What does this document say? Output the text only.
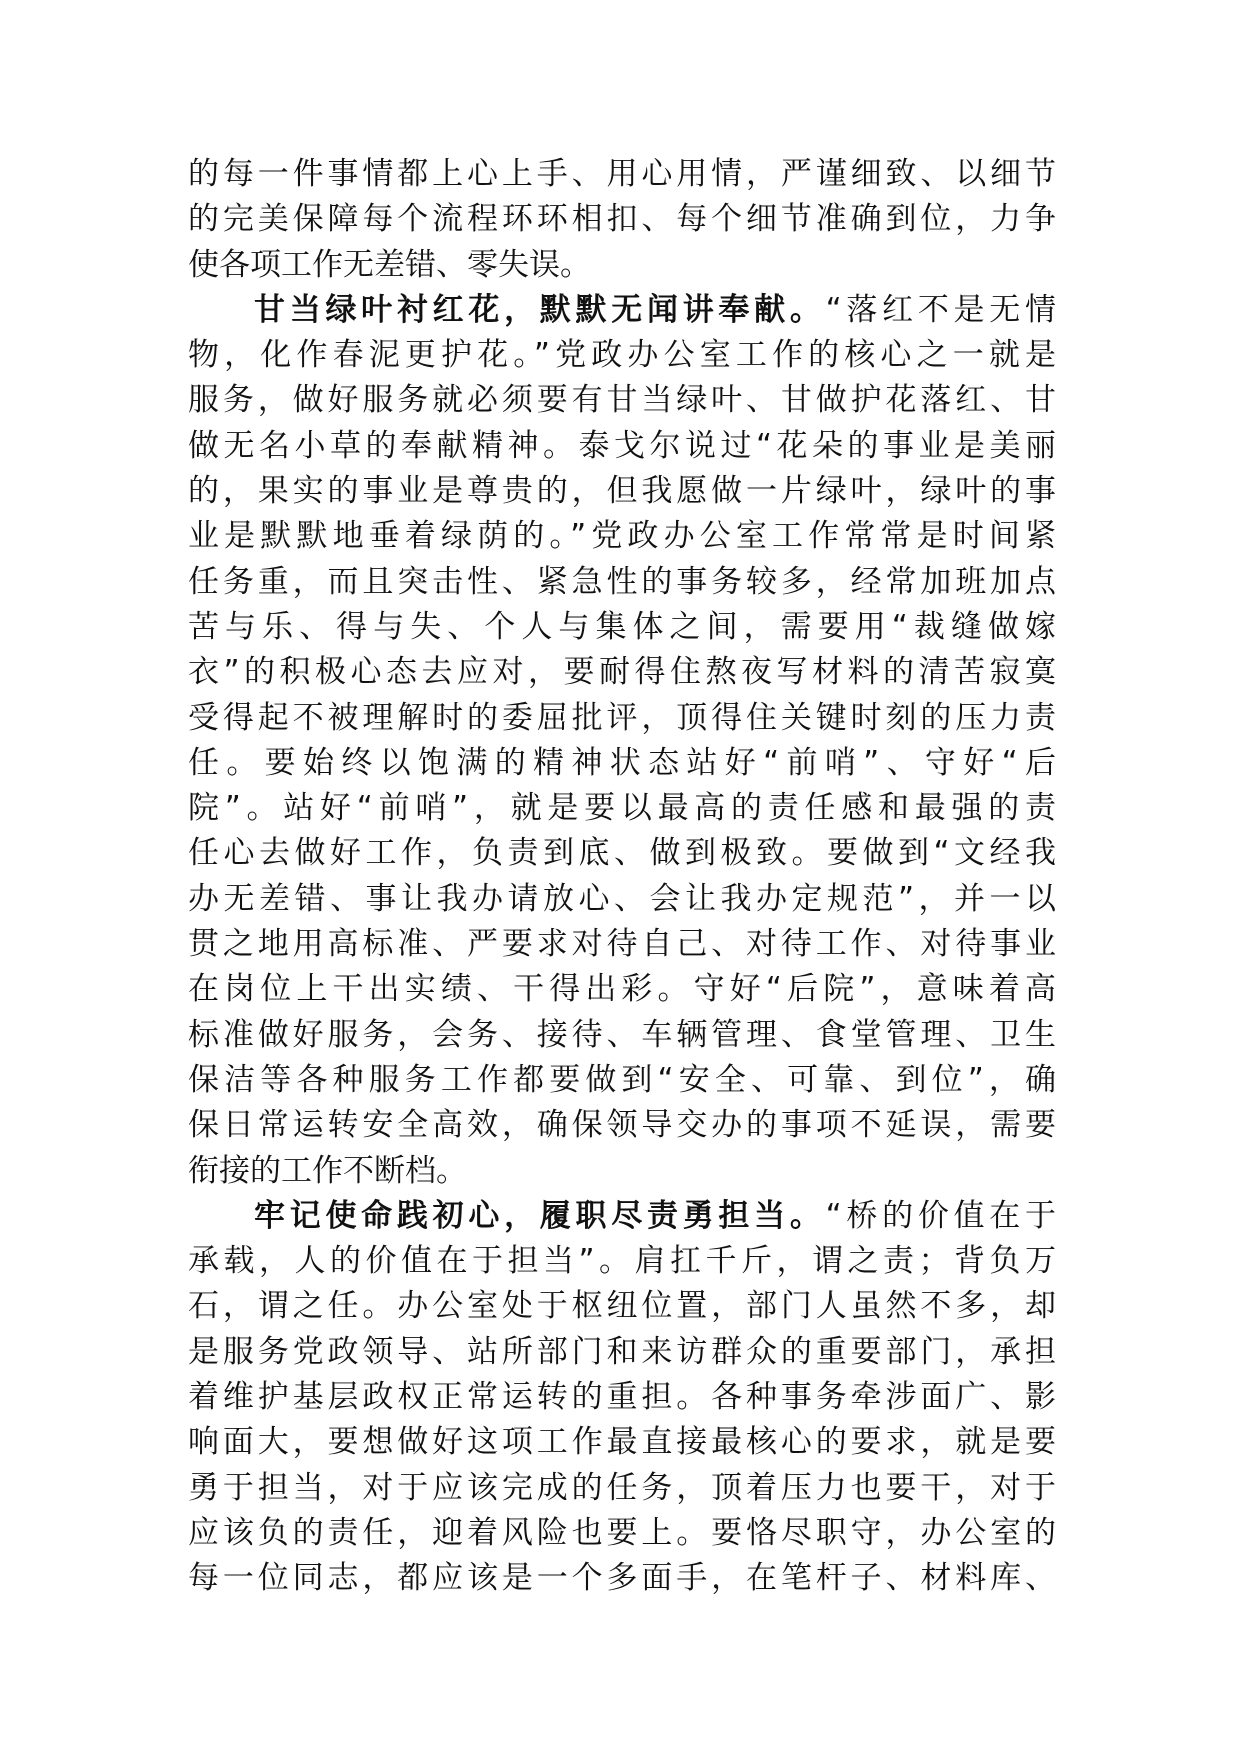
的每一件事情都上心上手、用心用情，严谨细致、以细节
的完美保障每个流程环环相扣、每个细节准确到位，力争
使各项工作无差错、零失误。
甘当绿叶衬红花，默默无闻讲奉献。“落红不是无情
物，化作春泥更护花。”党政办公室工作的核心之一就是
服务，做好服务就必须要有甘当绿叶、甘做护花落红、甘
做无名小草的奉献精神。泰戈尔说过“花朵的事业是美丽
的，果实的事业是尊贵的，但我愿做一片绿叶，绿叶的事
业是默默地垂着绿荫的。”党政办公室工作常常是时间紧
任务重，而且突击性、紧急性的事务较多，经常加班加点
苦与乐、得与失、个人与集体之间，需要用“裁缝做嫁
衣”的积极心态去应对，要耐得住熬夜写材料的清苦寂寞
受得起不被理解时的委屈批评，顶得住关键时刻的压力责
任。要始终以饱满的精神状态站好“前哨”、守好“后
院”。站好“前哨”，就是要以最高的责任感和最强的责
任心去做好工作，负责到底、做到极致。要做到“文经我
办无差错、事让我办请放心、会让我办定规范”，并一以
贯之地用高标准、严要求对待自己、对待工作、对待事业
在岗位上干出实绩、干得出彩。守好“后院”，意味着高
标准做好服务，会务、接待、车辆管理、食堂管理、卫生
保洁等各种服务工作都要做到“安全、可靠、到位”，确
保日常运转安全高效，确保领导交办的事项不延误，需要
衔接的工作不断档。
牢记使命践初心，履职尽责勇担当。“桥的价值在于
承载，人的价值在于担当”。肩扛千斤，谓之责；背负万
石，谓之任。办公室处于枢纽位置，部门人虽然不多，却
是服务党政领导、站所部门和来访群众的重要部门，承担
着维护基层政权正常运转的重担。各种事务牵涉面广、影
响面大，要想做好这项工作最直接最核心的要求，就是要
勇于担当，对于应该完成的任务，顶着压力也要干，对于
应该负的责任，迎着风险也要上。要恪尽职守，办公室的
每一位同志，都应该是一个多面手，在笔杆子、材料库、
